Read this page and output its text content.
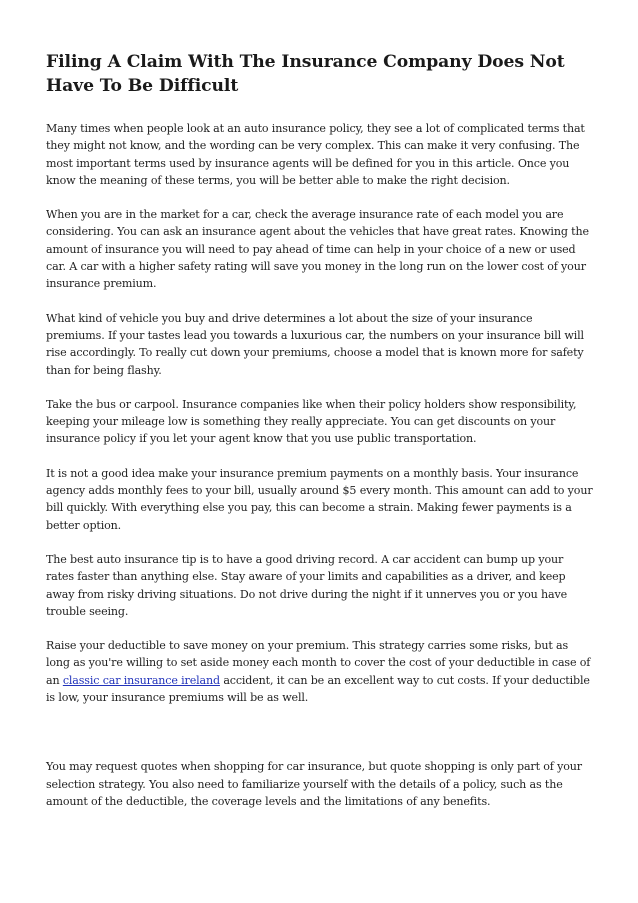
Filing A Claim With The Insurance Company Does Not Have To Be Difficult

Many times when people look at an auto insurance policy, they see a lot of complicated terms that they might not know, and the wording can be very complex. This can make it very confusing. The most important terms used by insurance agents will be defined for you in this article. Once you know the meaning of these terms, you will be better able to make the right decision.

When you are in the market for a car, check the average insurance rate of each model you are considering. You can ask an insurance agent about the vehicles that have great rates. Knowing the amount of insurance you will need to pay ahead of time can help in your choice of a new or used car. A car with a higher safety rating will save you money in the long run on the lower cost of your insurance premium.

What kind of vehicle you buy and drive determines a lot about the size of your insurance premiums. If your tastes lead you towards a luxurious car, the numbers on your insurance bill will rise accordingly. To really cut down your premiums, choose a model that is known more for safety than for being flashy.

Take the bus or carpool. Insurance companies like when their policy holders show responsibility, keeping your mileage low is something they really appreciate. You can get discounts on your insurance policy if you let your agent know that you use public transportation.

It is not a good idea make your insurance premium payments on a monthly basis. Your insurance agency adds monthly fees to your bill, usually around $5 every month. This amount can add to your bill quickly. With everything else you pay, this can become a strain. Making fewer payments is a better option.

The best auto insurance tip is to have a good driving record. A car accident can bump up your rates faster than anything else. Stay aware of your limits and capabilities as a driver, and keep away from risky driving situations. Do not drive during the night if it unnerves you or you have trouble seeing.

Raise your deductible to save money on your premium. This strategy carries some risks, but as long as you're willing to set aside money each month to cover the cost of your deductible in case of an classic car insurance ireland accident, it can be an excellent way to cut costs. If your deductible is low, your insurance premiums will be as well.

You may request quotes when shopping for car insurance, but quote shopping is only part of your selection strategy. You also need to familiarize yourself with the details of a policy, such as the amount of the deductible, the coverage levels and the limitations of any benefits.
